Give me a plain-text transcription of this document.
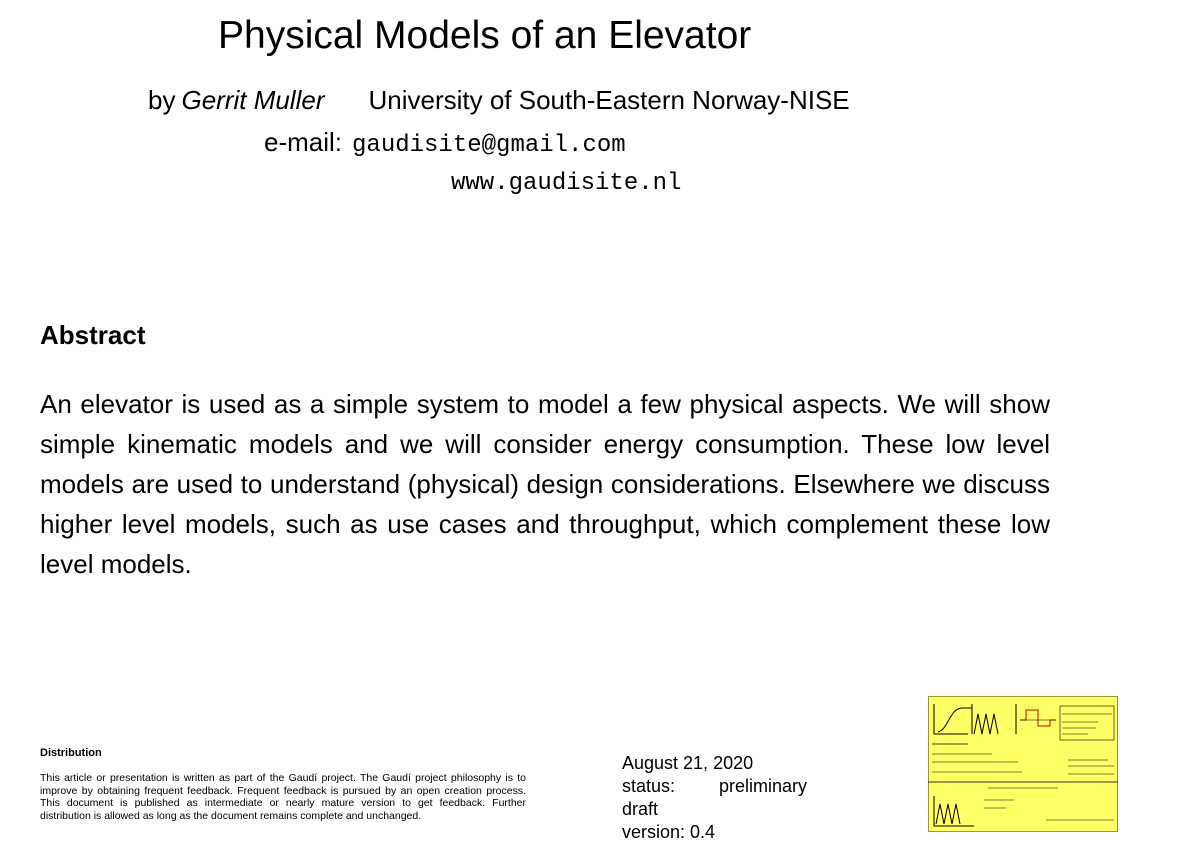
Physical Models of an Elevator
by Gerrit Muller University of South-Eastern Norway-NISE
e-mail: gaudisite@gmail.com
www.gaudisite.nl
Abstract
An elevator is used as a simple system to model a few physical aspects. We will show simple kinematic models and we will consider energy consumption. These low level models are used to understand (physical) design considerations. Elsewhere we discuss higher level models, such as use cases and throughput, which complement these low level models.
Distribution
This article or presentation is written as part of the Gaudí project. The Gaudí project philosophy is to improve by obtaining frequent feedback. Frequent feedback is pursued by an open creation process. This document is published as intermediate or nearly mature version to get feedback. Further distribution is allowed as long as the document remains complete and unchanged.
August 21, 2020
status: preliminary
draft
version: 0.4
